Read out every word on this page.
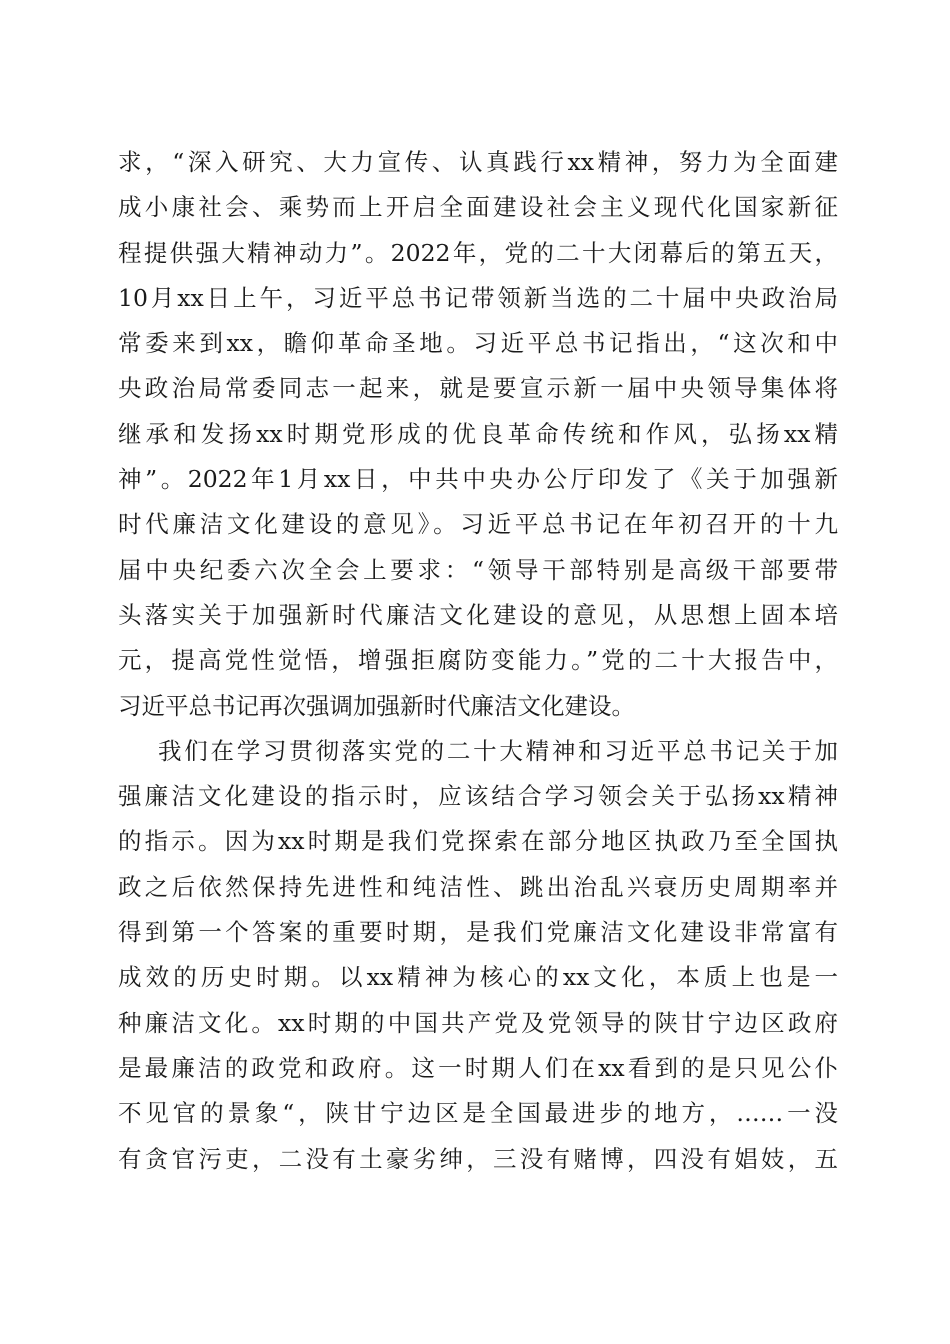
求，“深入研究、大力宣传、认真践行xx精神，努力为全面建
成小康社会、乘势而上开启全面建设社会主义现代化国家新征
程提供强大精神动力”。2022年，党的二十大闭幕后的第五天，
10月xx日上午，习近平总书记带领新当选的二十届中央政治局
常委来到xx，瞻仰革命圣地。习近平总书记指出，“这次和中
央政治局常委同志一起来，就是要宣示新一届中央领导集体将
继承和发扬xx时期党形成的优良革命传统和作风，弘扬xx精
神”。2022年1月xx日，中共中央办公厅印发了《关于加强新
时代廉洁文化建设的意见》。习近平总书记在年初召开的十九
届中央纪委六次全会上要求：“领导干部特别是高级干部要带
头落实关于加强新时代廉洁文化建设的意见，从思想上固本培
元，提高党性觉悟，增强拒腐防变能力。”党的二十大报告中，
习近平总书记再次强调加强新时代廉洁文化建设。
我们在学习贯彻落实党的二十大精神和习近平总书记关于加
强廉洁文化建设的指示时，应该结合学习领会关于弘扬xx精神
的指示。因为xx时期是我们党探索在部分地区执政乃至全国执
政之后依然保持先进性和纯洁性、跳出治乱兴衰历史周期率并
得到第一个答案的重要时期，是我们党廉洁文化建设非常富有
成效的历史时期。以xx精神为核心的xx文化，本质上也是一
种廉洁文化。xx时期的中国共产党及党领导的陕甘宁边区政府
是最廉洁的政党和政府。这一时期人们在xx看到的是只见公仆
不见官的景象“，陕甘宁边区是全国最进步的地方，……一没
有贪官污吏，二没有土豪劣绅，三没有赌博，四没有娼妓，五
